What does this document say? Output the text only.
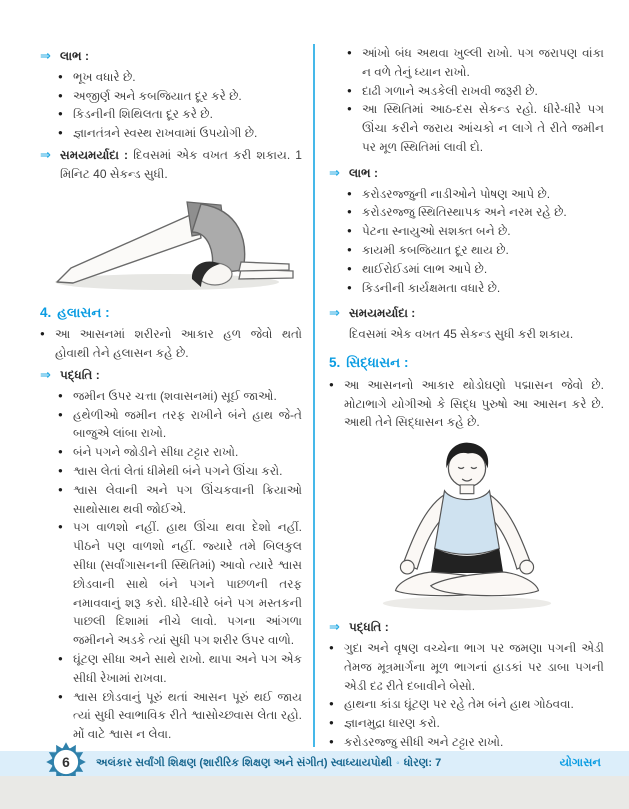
⇒ લાભ :
● ભૂખ વધારે છે.
● અજીર્ણ અને કબજિયાત દૂર કરે છે.
● કિડનીની શિથિલતા દૂર કરે છે.
● જ્ઞાનતંત્રને સ્વસ્થ રાખવામાં ઉપયોગી છે.
⇒ સમયમર્યાદા : દિવસમાં એક વખત કરી શકાય. 1 મિનિટ 40 સેકન્ડ સુધી.
4. હલાસન :
● આ આસનમાં શરીરનો આકાર હળ જેવો થતો હોવાથી તેને હલાસન કહે છે.
⇒ પદ્ધતિ :
● જમીન ઉપર ચત્તા (શવાસનમાં) સૂઈ જાઓ.
● હથેળીઓ જમીન તરફ રાખીને બંને હાથ જે-તે બાજુએ લાંબા રાખો.
● બંને પગને જોડીને સીધા ટટ્ટાર રાખો.
● શ્વાસ લેતાં લેતાં ધીમેથી બંને પગને ઊંચા કરો.
● શ્વાસ લેવાની અને પગ ઊંચકવાની ક્રિયાઓ સાથોસાથ થવી જોઈએ.
● પગ વાળશો નહીં. હાથ ઊંચા થવા દેશો નહીં. પીઠને પણ વાળશો નહીં. જ્યારે તમે બિલકુલ સીધા (સર્વાંગાસનની સ્થિતિમાં) આવો ત્યારે શ્વાસ છોડવાની સાથે બંને પગને પાછળની તરફ નમાવવાનું શરૂ કરો. ધીરે-ધીરે બંને પગ મસ્તકની પાછલી દિશામાં નીચે લાવો. પગના આંગળા જમીનને અડકે ત્યાં સુધી પગ શરીર ઉપર વાળો.
● ઘૂંટણ સીધા અને સાથે રાખો. થાપા અને પગ એક સીધી રેખામાં રાખવા.
● શ્વાસ છોડવાનું પૂરું થતાં આસન પૂરું થઈ જાય ત્યાં સુધી સ્વાભાવિક રીતે શ્વાસોચ્છ્વાસ લેતા રહો. મોં વાટે શ્વાસ ન લેવા.
● આંખો બંધ અથવા ખુલ્લી રાખો. પગ જરાપણ વાંકા ન વળે તેનું ધ્યાન રાખો.
● દાઢી ગળાને અડકેલી રાખવી જરૂરી છે.
● આ સ્થિતિમાં આઠ-દસ સેકન્ડ રહો. ધીરે-ધીરે પગ ઊંચા કરીને જરાય આંચકો ન લાગે તે રીતે જમીન પર મૂળ સ્થિતિમાં લાવી દો.
⇒ લાભ :
● કરોડરજ્જુની નાડીઓને પોષણ આપે છે.
● કરોડરજ્જુ સ્થિતિસ્થાપક અને નરમ રહે છે.
● પેટના સ્નાયુઓ સશક્ત બને છે.
● કાયમી કબજિયાત દૂર થાય છે.
● થાઈરોઈડમાં લાભ આપે છે.
● કિડનીની કાર્યક્ષમતા વધારે છે.
⇒ સમયમર્યાદા :
દિવસમાં એક વખત 45 સેકન્ડ સુધી કરી શકાય.
5. સિદ્ધાસન :
● આ આસનનો આકાર થોડોઘણો પદ્માસન જેવો છે. મોટાભાગે યોગીઓ કે સિદ્ધ પુરુષો આ આસન કરે છે. આથી તેને સિદ્ધાસન કહે છે.
⇒ પદ્ધતિ :
● ગુદા અને વૃષણ વચ્ચેના ભાગ પર જમણા પગની એડી તેમજ મૂત્રમાર્ગના મૂળ ભાગનાં હાડકાં પર ડાબા પગની એડી દઢ રીતે દબાવીને બેસો.
● હાથના કાંડા ઘૂંટણ પર રહે તેમ બંને હાથ ગોઠવવા.
● જ્ઞાનમુદ્રા ધારણ કરો.
● કરોડરજ્જુ સીધી અને ટટ્ટાર રાખો.
6 અલંકાર સર્વાંગી શિક્ષણ (શારીરિક શિક્ષણ અને સંગીત) સ્વાધ્યાયપોથી ◦ ધોરણ: 7	યોગાસન
